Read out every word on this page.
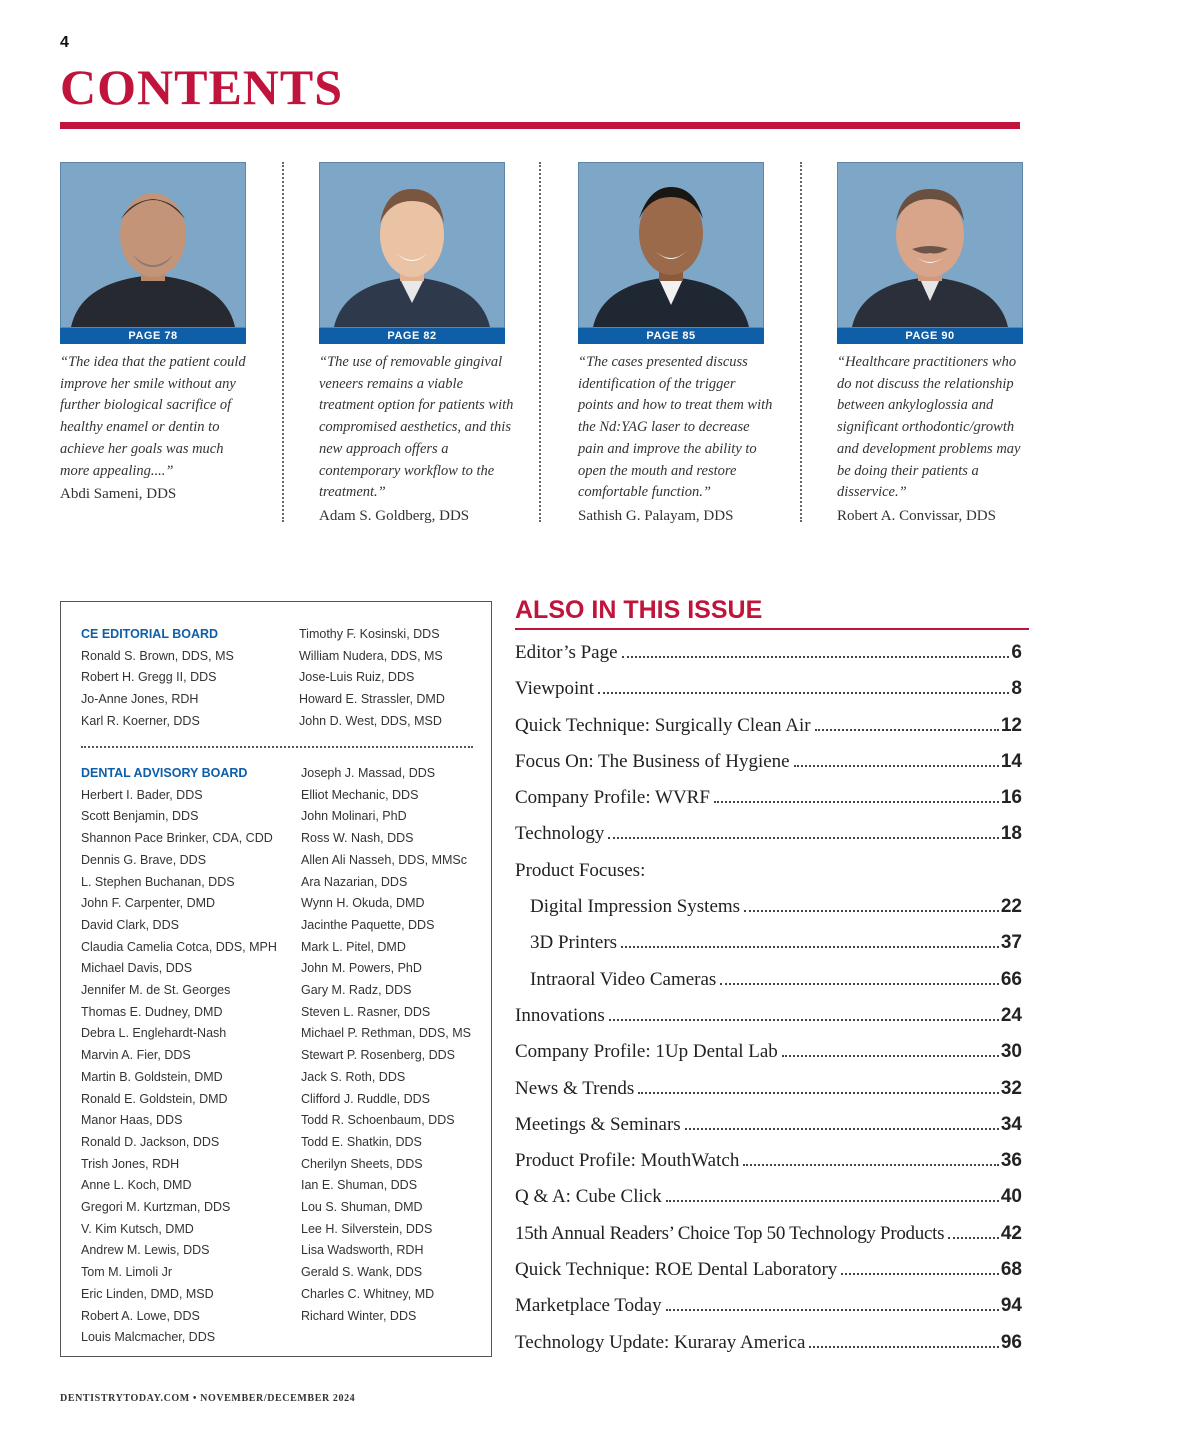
4
CONTENTS
PAGE 78
“The idea that the patient could improve her smile without any further biological sacrifice of healthy enamel or dentin to achieve her goals was much more appealing....”
Abdi Sameni, DDS
PAGE 82
“The use of removable gingival veneers remains a viable treatment option for patients with compromised aesthetics, and this new approach offers a contemporary workflow to the treatment.”
Adam S. Goldberg, DDS
PAGE 85
“The cases presented discuss identification of the trigger points and how to treat them with the Nd:YAG laser to decrease pain and improve the ability to open the mouth and restore comfortable function.”
Sathish G. Palayam, DDS
PAGE 90
“Healthcare practitioners who do not discuss the relationship between ankyloglossia and significant orthodontic/growth and development problems may be doing their patients a disservice.”
Robert A. Convissar, DDS
CE EDITORIAL BOARD
Ronald S. Brown, DDS, MS
Robert H. Gregg II, DDS
Jo-Anne Jones, RDH
Karl R. Koerner, DDS
Timothy F. Kosinski, DDS
William Nudera, DDS, MS
Jose-Luis Ruiz, DDS
Howard E. Strassler, DMD
John D. West, DDS, MSD
DENTAL ADVISORY BOARD
Herbert I. Bader, DDS
Scott Benjamin, DDS
Shannon Pace Brinker, CDA, CDD
Dennis G. Brave, DDS
L. Stephen Buchanan, DDS
John F. Carpenter, DMD
David Clark, DDS
Claudia Camelia Cotca, DDS, MPH
Michael Davis, DDS
Jennifer M. de St. Georges
Thomas E. Dudney, DMD
Debra L. Englehardt-Nash
Marvin A. Fier, DDS
Martin B. Goldstein, DMD
Ronald E. Goldstein, DMD
Manor Haas, DDS
Ronald D. Jackson, DDS
Trish Jones, RDH
Anne L. Koch, DMD
Gregori M. Kurtzman, DDS
V. Kim Kutsch, DMD
Andrew M. Lewis, DDS
Tom M. Limoli Jr
Eric Linden, DMD, MSD
Robert A. Lowe, DDS
Louis Malcmacher, DDS
Joseph J. Massad, DDS
Elliot Mechanic, DDS
John Molinari, PhD
Ross W. Nash, DDS
Allen Ali Nasseh, DDS, MMSc
Ara Nazarian, DDS
Wynn H. Okuda, DMD
Jacinthe Paquette, DDS
Mark L. Pitel, DMD
John M. Powers, PhD
Gary M. Radz, DDS
Steven L. Rasner, DDS
Michael P. Rethman, DDS, MS
Stewart P. Rosenberg, DDS
Jack S. Roth, DDS
Clifford J. Ruddle, DDS
Todd R. Schoenbaum, DDS
Todd E. Shatkin, DDS
Cherilyn Sheets, DDS
Ian E. Shuman, DDS
Lou S. Shuman, DMD
Lee H. Silverstein, DDS
Lisa Wadsworth, RDH
Gerald S. Wank, DDS
Charles C. Whitney, MD
Richard Winter, DDS
ALSO IN THIS ISSUE
Editor’s Page	6
Viewpoint	8
Quick Technique: Surgically Clean Air	12
Focus On: The Business of Hygiene	14
Company Profile: WVRF	16
Technology	18
Product Focuses:
Digital Impression Systems	22
3D Printers	37
Intraoral Video Cameras	66
Innovations	24
Company Profile: 1Up Dental Lab	30
News & Trends	32
Meetings & Seminars	34
Product Profile: MouthWatch	36
Q & A: Cube Click	40
15th Annual Readers’ Choice Top 50 Technology Products	42
Quick Technique: ROE Dental Laboratory	68
Marketplace Today	94
Technology Update: Kuraray America	96
DENTISTRYTODAY.COM • NOVEMBER/DECEMBER 2024
